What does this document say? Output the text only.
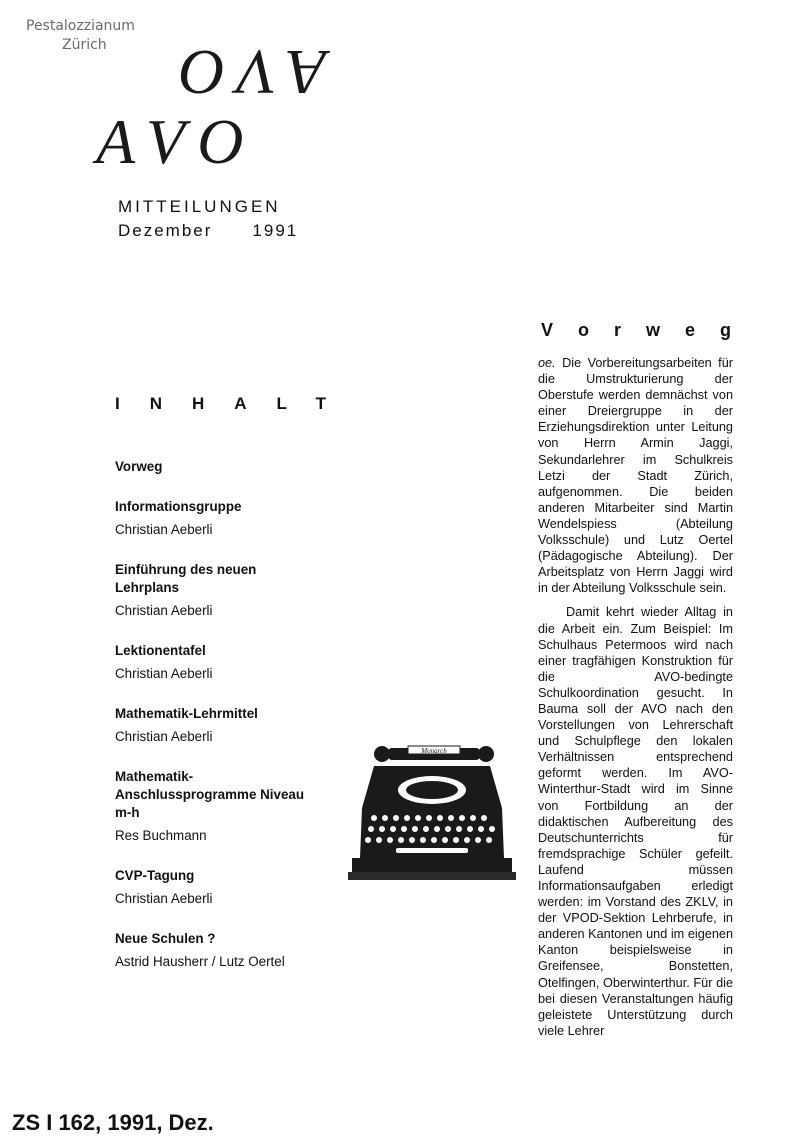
Pestalozzianum
Zürich AVO
AVO
MITTEILUNGEN
Dezember 1991
INHALT
Vorweg
Informationsgruppe
Christian Aeberli
Einführung des neuen Lehrplans
Christian Aeberli
Lektionentafel
Christian Aeberli
Mathematik-Lehrmittel
Christian Aeberli
Mathematik-Anschlussprogramme Niveau m-h
Res Buchmann
CVP-Tagung
Christian Aeberli
Neue Schulen ?
Astrid Hausherr / Lutz Oertel
V o r w e g

oe. Die Vorbereitungsarbeiten für die Umstrukturierung der Oberstufe werden demnächst von einer Dreiergruppe in der Erziehungsdirektion unter Leitung von Herrn Armin Jaggi, Sekundarlehrer im Schulkreis Letzi der Stadt Zürich, aufgenommen. Die beiden anderen Mitarbeiter sind Martin Wendelspiess (Abteilung Volksschule) und Lutz Oertel (Pädagogische Abteilung). Der Arbeitsplatz von Herrn Jaggi wird in der Abteilung Volksschule sein.

Damit kehrt wieder Alltag in die Arbeit ein. Zum Beispiel: Im Schulhaus Petermoos wird nach einer tragfähigen Konstruktion für die AVO-bedingte Schulkoordination gesucht. In Bauma soll der AVO nach den Vorstellungen von Lehrerschaft und Schulpflege den lokalen Verhältnissen entsprechend geformt werden. Im AVO-Winterthur-Stadt wird im Sinne von Fortbildung an der didaktischen Aufbereitung des Deutschunterrichts für fremdsprachige Schüler gefeilt. Laufend müssen Informationsaufgaben erledigt werden: im Vorstand des ZKLV, in der VPOD-Sektion Lehrberufe, in anderen Kantonen und im eigenen Kanton beispielsweise in Greifensee, Bonstetten, Otelfingen, Oberwinterthur. Für die bei diesen Veranstaltungen häufig geleistete Unterstützung durch viele Lehrer

Monarch
ZS I 162, 1991, Dez.
